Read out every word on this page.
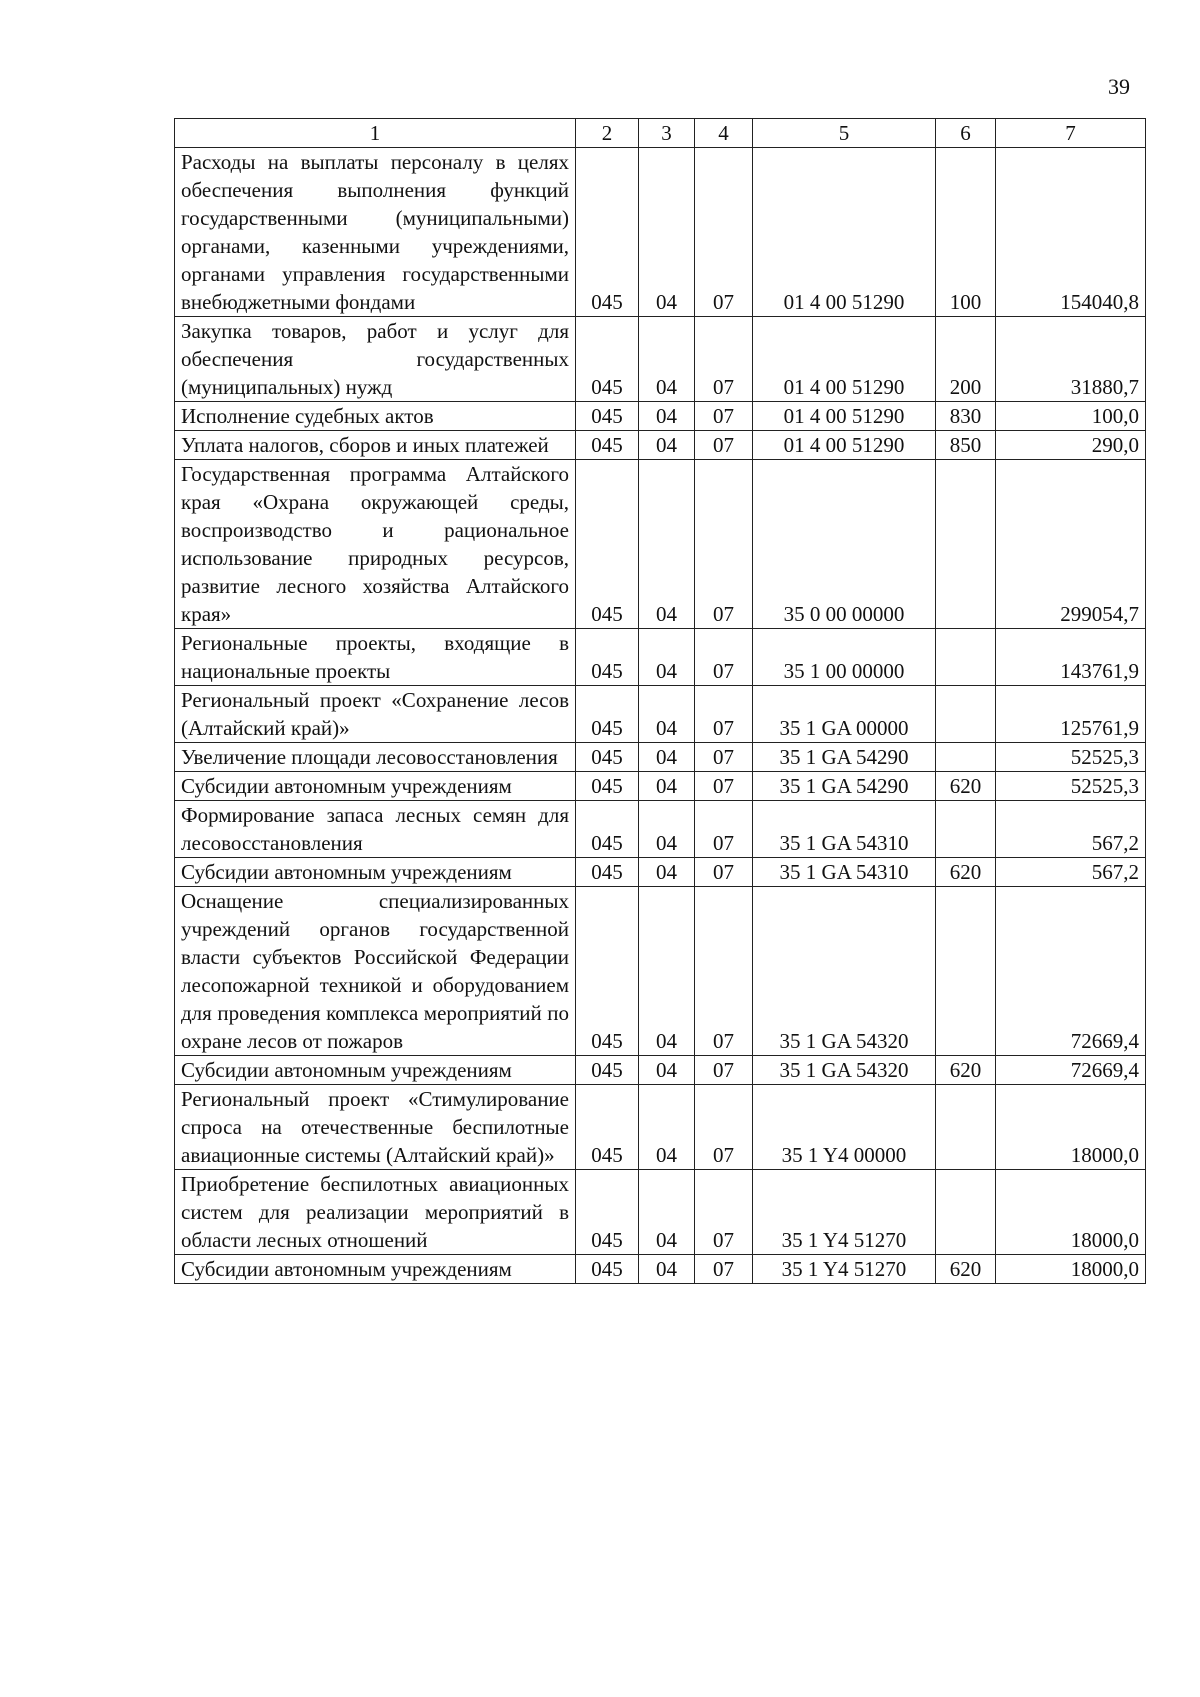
39
1	2	3	4	5	6	7
Расходы на выплаты персоналу в целях обеспечения выполнения функций государственными (муниципальными) органами, казенными учреждениями, органами управления государственными внебюджетными фондами	045	04	07	01 4 00 51290	100	154040,8
Закупка товаров, работ и услуг для обеспечения государственных (муниципальных) нужд	045	04	07	01 4 00 51290	200	31880,7
Исполнение судебных актов	045	04	07	01 4 00 51290	830	100,0
Уплата налогов, сборов и иных платежей	045	04	07	01 4 00 51290	850	290,0
Государственная программа Алтайского края «Охрана окружающей среды, воспроизводство и рациональное использование природных ресурсов, развитие лесного хозяйства Алтайского края»	045	04	07	35 0 00 00000		299054,7
Региональные проекты, входящие в национальные проекты	045	04	07	35 1 00 00000		143761,9
Региональный проект «Сохранение лесов (Алтайский край)»	045	04	07	35 1 GA 00000		125761,9
Увеличение площади лесовосстановления	045	04	07	35 1 GA 54290		52525,3
Субсидии автономным учреждениям	045	04	07	35 1 GA 54290	620	52525,3
Формирование запаса лесных семян для лесовосстановления	045	04	07	35 1 GA 54310		567,2
Субсидии автономным учреждениям	045	04	07	35 1 GA 54310	620	567,2
Оснащение специализированных учреждений органов государственной власти субъектов Российской Федерации лесопожарной техникой и оборудованием для проведения комплекса мероприятий по охране лесов от пожаров	045	04	07	35 1 GA 54320		72669,4
Субсидии автономным учреждениям	045	04	07	35 1 GA 54320	620	72669,4
Региональный проект «Стимулирование спроса на отечественные беспилотные авиационные системы (Алтайский край)»	045	04	07	35 1 Y4 00000		18000,0
Приобретение беспилотных авиационных систем для реализации мероприятий в области лесных отношений	045	04	07	35 1 Y4 51270		18000,0
Субсидии автономным учреждениям	045	04	07	35 1 Y4 51270	620	18000,0
